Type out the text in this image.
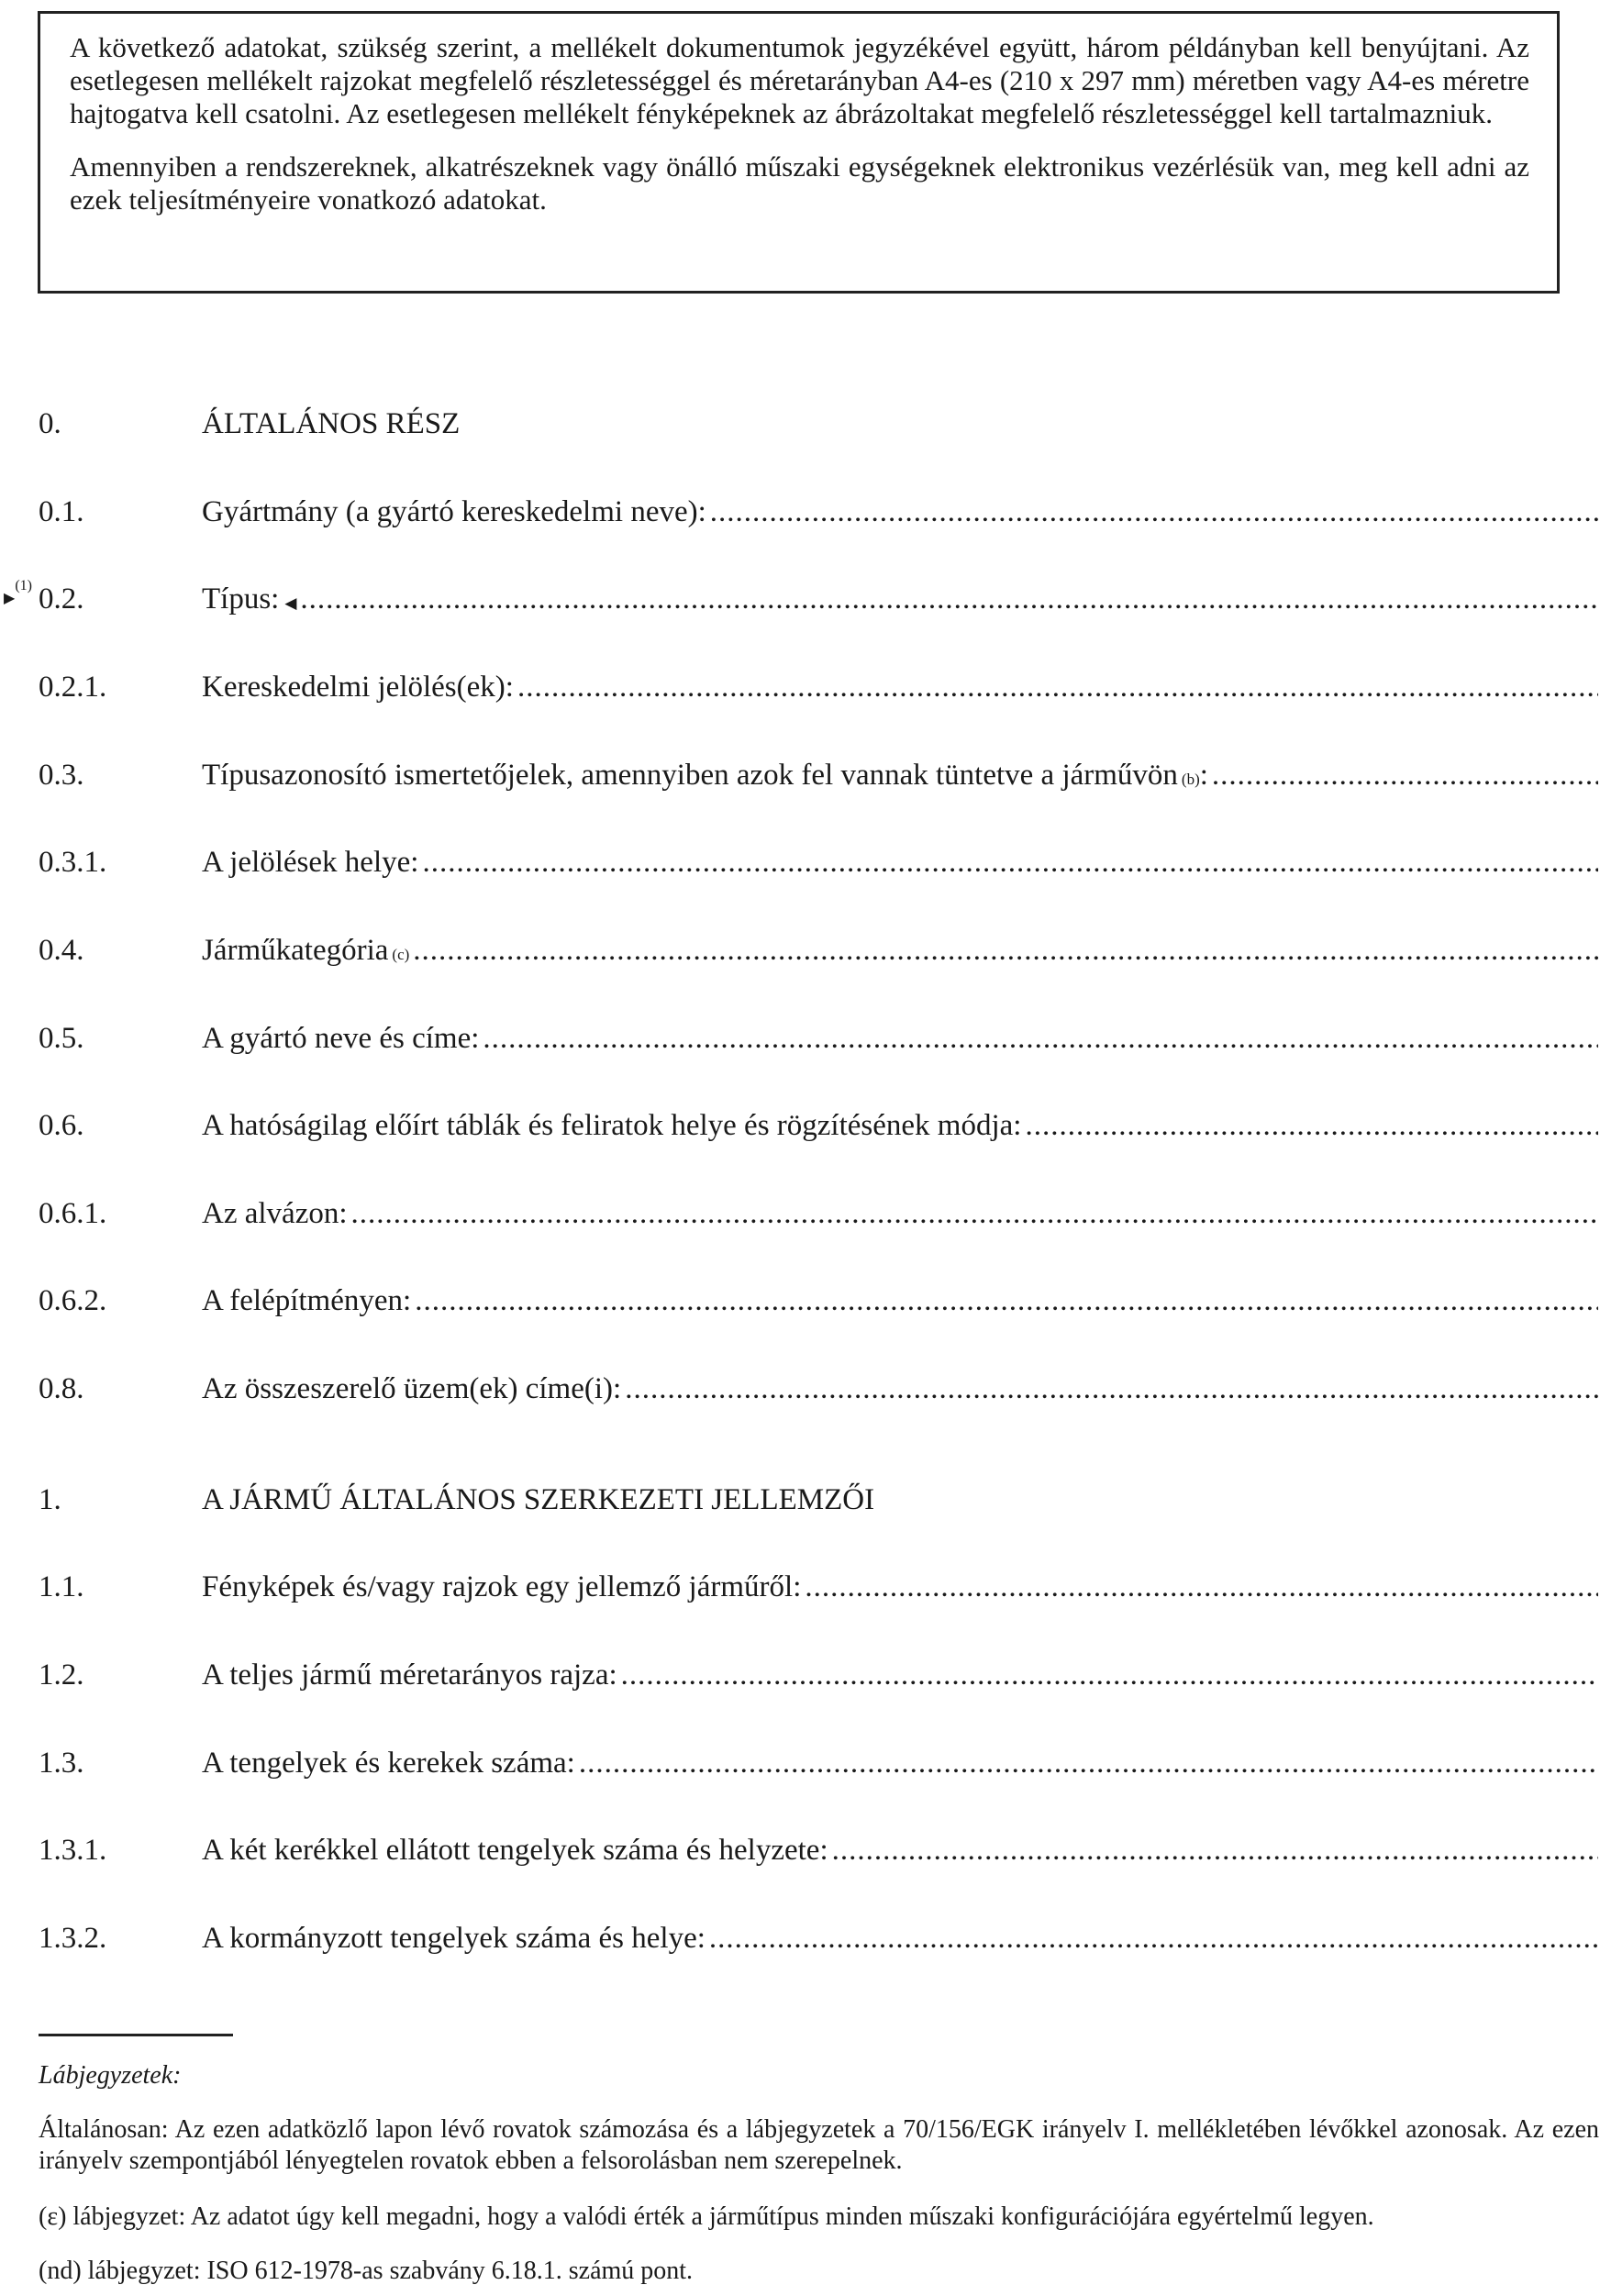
A következő adatokat, szükség szerint, a mellékelt dokumentumok jegyzékével együtt, három példányban kell benyújtani. Az esetlegesen mellékelt rajzokat megfelelő részletességgel és méretarányban A4-es (210 x 297 mm) méretben vagy A4-es méretre hajtogatva kell csatolni. Az esetlegesen mellékelt fényképeknek az ábrázoltakat megfelelő részletességgel kell tartalmazniuk.

Amennyiben a rendszereknek, alkatrészeknek vagy önálló műszaki egységeknek elektronikus vezérlésük van, meg kell adni az ezek teljesítményeire vonatkozó adatokat.

0.	ÁLTALÁNOS RÉSZ
0.1.	Gyártmány (a gyártó kereskedelmi neve):
.....
▶(1) 0.2.	Típus: ◀
.....
0.2.1.	Kereskedelmi jelölés(ek):
.....
0.3.	Típusazonosító ismertetőjelek, amennyiben azok fel vannak tüntetve a járművön (b) :
.....
0.3.1.	A jelölések helye:
.....
0.4.	Járműkategória (c)
.....
0.5.	A gyártó neve és címe:
.....
0.6.	A hatóságilag előírt táblák és feliratok helye és rögzítésének módja:
.....
0.6.1.	Az alvázon:
.....
0.6.2.	A felépítményen:
.....
0.8.	Az összeszerelő üzem(ek) címe(i):
.....
1.	A JÁRMŰ ÁLTALÁNOS SZERKEZETI JELLEMZŐI
1.1.	Fényképek és/vagy rajzok egy jellemző járműről:
.....
1.2.	A teljes jármű méretarányos rajza:
.....
1.3.	A tengelyek és kerekek száma:
.....
1.3.1.	A két kerékkel ellátott tengelyek száma és helyzete:
.....
1.3.2.	A kormányzott tengelyek száma és helye:
.....
Lábjegyzetek:
Általánosan: Az ezen adatközlő lapon lévő rovatok számozása és a lábjegyzetek a 70/156/EGK irányelv I. mellékletében lévőkkel azonosak. Az ezen irányelv szempontjából lényegtelen rovatok ebben a felsorolásban nem szerepelnek.
(ε) lábjegyzet: Az adatot úgy kell megadni, hogy a valódi érték a járműtípus minden műszaki konfigurációjára egyértelmű legyen.
(nd) lábjegyzet: ISO 612-1978-as szabvány 6.18.1. számú pont.
